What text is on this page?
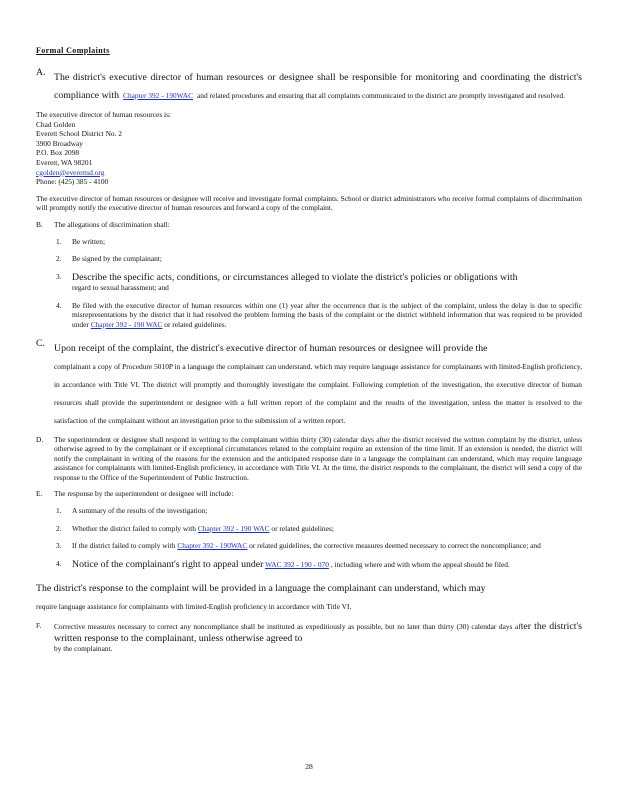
Formal Complaints
A. The district's executive director of human resources or designee shall be responsible for monitoring and coordinating the district's compliance with Chapter 392 - 190WAC and related procedures and ensuring that all complaints communicated to the district are promptly investigated and resolved.

The executive director of human resources is:
Chad Golden
Everett School District No. 2
3900 Broadway
P.O. Box 2098
Everett, WA 98201
cgolden@everettsd.org
Phone: (425) 385 - 4100

The executive director of human resources or designee will receive and investigate formal complaints. School or district administrators who receive formal complaints of discrimination will promptly notify the executive director of human resources and forward a copy of the complaint.

B. The allegations of discrimination shall:

1. Be written;

2. Be signed by the complainant;

3. Describe the specific acts, conditions, or circumstances alleged to violate the district's policies or obligations with
regard to sexual harassment; and

4. Be filed with the executive director of human resources within one (1) year after the occurrence that is the subject of the complaint, unless the delay is due to specific misrepresentations by the district that it had resolved the problem forming the basis of the complaint or the district withheld information that was required to be provided under Chapter 392 - 190 WAC or related guidelines.

C. Upon receipt of the complaint, the district's executive director of human resources or designee will provide the
complainant a copy of Procedure 5010P in a language the complainant can understand, which may require language assistance for complainants with limited-English proficiency, in accordance with Title VI. The district will promptly and thoroughly investigate the complaint. Following completion of the investigation, the executive director of human resources shall provide the superintendent or designee with a full written report of the complaint and the results of the investigation, unless the matter is resolved to the satisfaction of the complainant without an investigation prior to the submission of a written report.

D. The superintendent or designee shall respond in writing to the complainant within thirty (30) calendar days after the district received the written complaint by the district, unless otherwise agreed to by the complainant or if exceptional circumstances related to the complaint require an extension of the time limit. If an extension is needed, the district will notify the complainant in writing of the reasons for the extension and the anticipated response date in a language the complainant can understand, which may require language assistance for complainants with limited-English proficiency, in accordance with Title VI. At the time, the district responds to the complainant, the district will send a copy of the response to the Office of the Superintendent of Public Instruction.

E. The response by the superintendent or designee will include:

1. A summary of the results of the investigation;

2. Whether the district failed to comply with Chapter 392 - 190 WAC or related guidelines;

3. If the district failed to comply with Chapter 392 - 190WAC or related guidelines, the corrective measures deemed necessary to correct the noncompliance; and

4. Notice of the complainant's right to appeal under WAC 392 - 190 - 070 , including where and with whom the appeal should be filed.

The district's response to the complaint will be provided in a language the complainant can understand, which may
require language assistance for complainants with limited-English proficiency in accordance with Title VI.

F. Corrective measures necessary to correct any noncompliance shall be instituted as expeditiously as possible, but no later than thirty (30) calendar days after the district's written response to the complainant, unless otherwise agreed to
by the complainant.

28
